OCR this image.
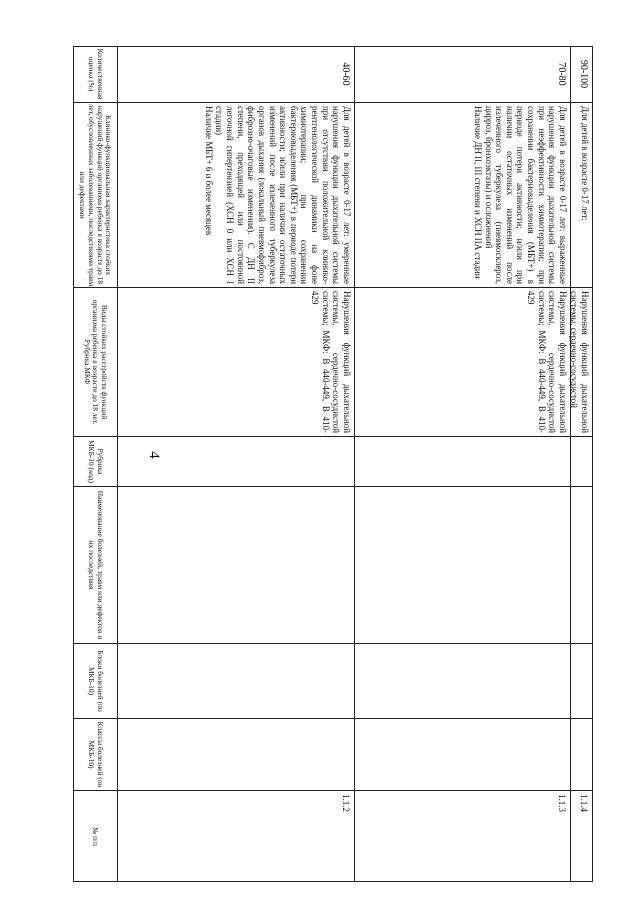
4
Количественная оценка (%)
Клинико-функциональная характеристика стойких нарушений функций организма ребенка в возрасте до 18 лет, обусловленных заболеваниями, последствиями травм или дефектами
Виды стойких расстройств функций организма ребенка в возрасте до 18 лет. Рубрика МКФ
Рубрика МКБ-10 (код)
Наименование болезней, травм или дефектов и их последствия
Блоки болезней (по МКБ-10)
Классы болезней (по МКБ-10)
№ п/п
40-60
Для детей в возрасте 0-17 лет: умеренные нарушения функции дыхательной системы при отсутствии положительной клинико-рентгенологической динамики на фоне химиотерапии; при сохранении бактериовыделения (МБТ+) в периоде потери активности; и/или при наличии остаточных изменений после излеченного туберкулеза органов дыхания (локальный пневмофиброз, фиброзно-очаговые изменения). С ДН II степени, преходящей или постоянной легочной гипертензией (ХСН 0 или ХСН I стадии)
Наличие МБТ+ 6 и более месяцев
Нарушения функций дыхательной системы, сердечно-сосудистой системы; МКФ: В 440-449, В 410-429
1.1.2
70-80
Для детей в возрасте 0-17 лет: выраженные нарушения функции дыхательной системы при неэффективности химиотерапии; при сохранении бактериовыделения (МБТ+) в периоде потери активности; и/или при наличии остаточных изменений после излеченного туберкулеза (пневмосклероз, цирроз, бронхоэктазы) и осложнений
Наличие ДН II, III степени и ХСН IIА стадии
Нарушения функций дыхательной системы, сердечно-сосудистой системы; МКФ: В 440-449, В 410-429
1.1.3
90-100
Для детей в возрасте 0-17 лет:
Нарушения функций дыхательной системы, сердечно-сосудистой
1.1.4
